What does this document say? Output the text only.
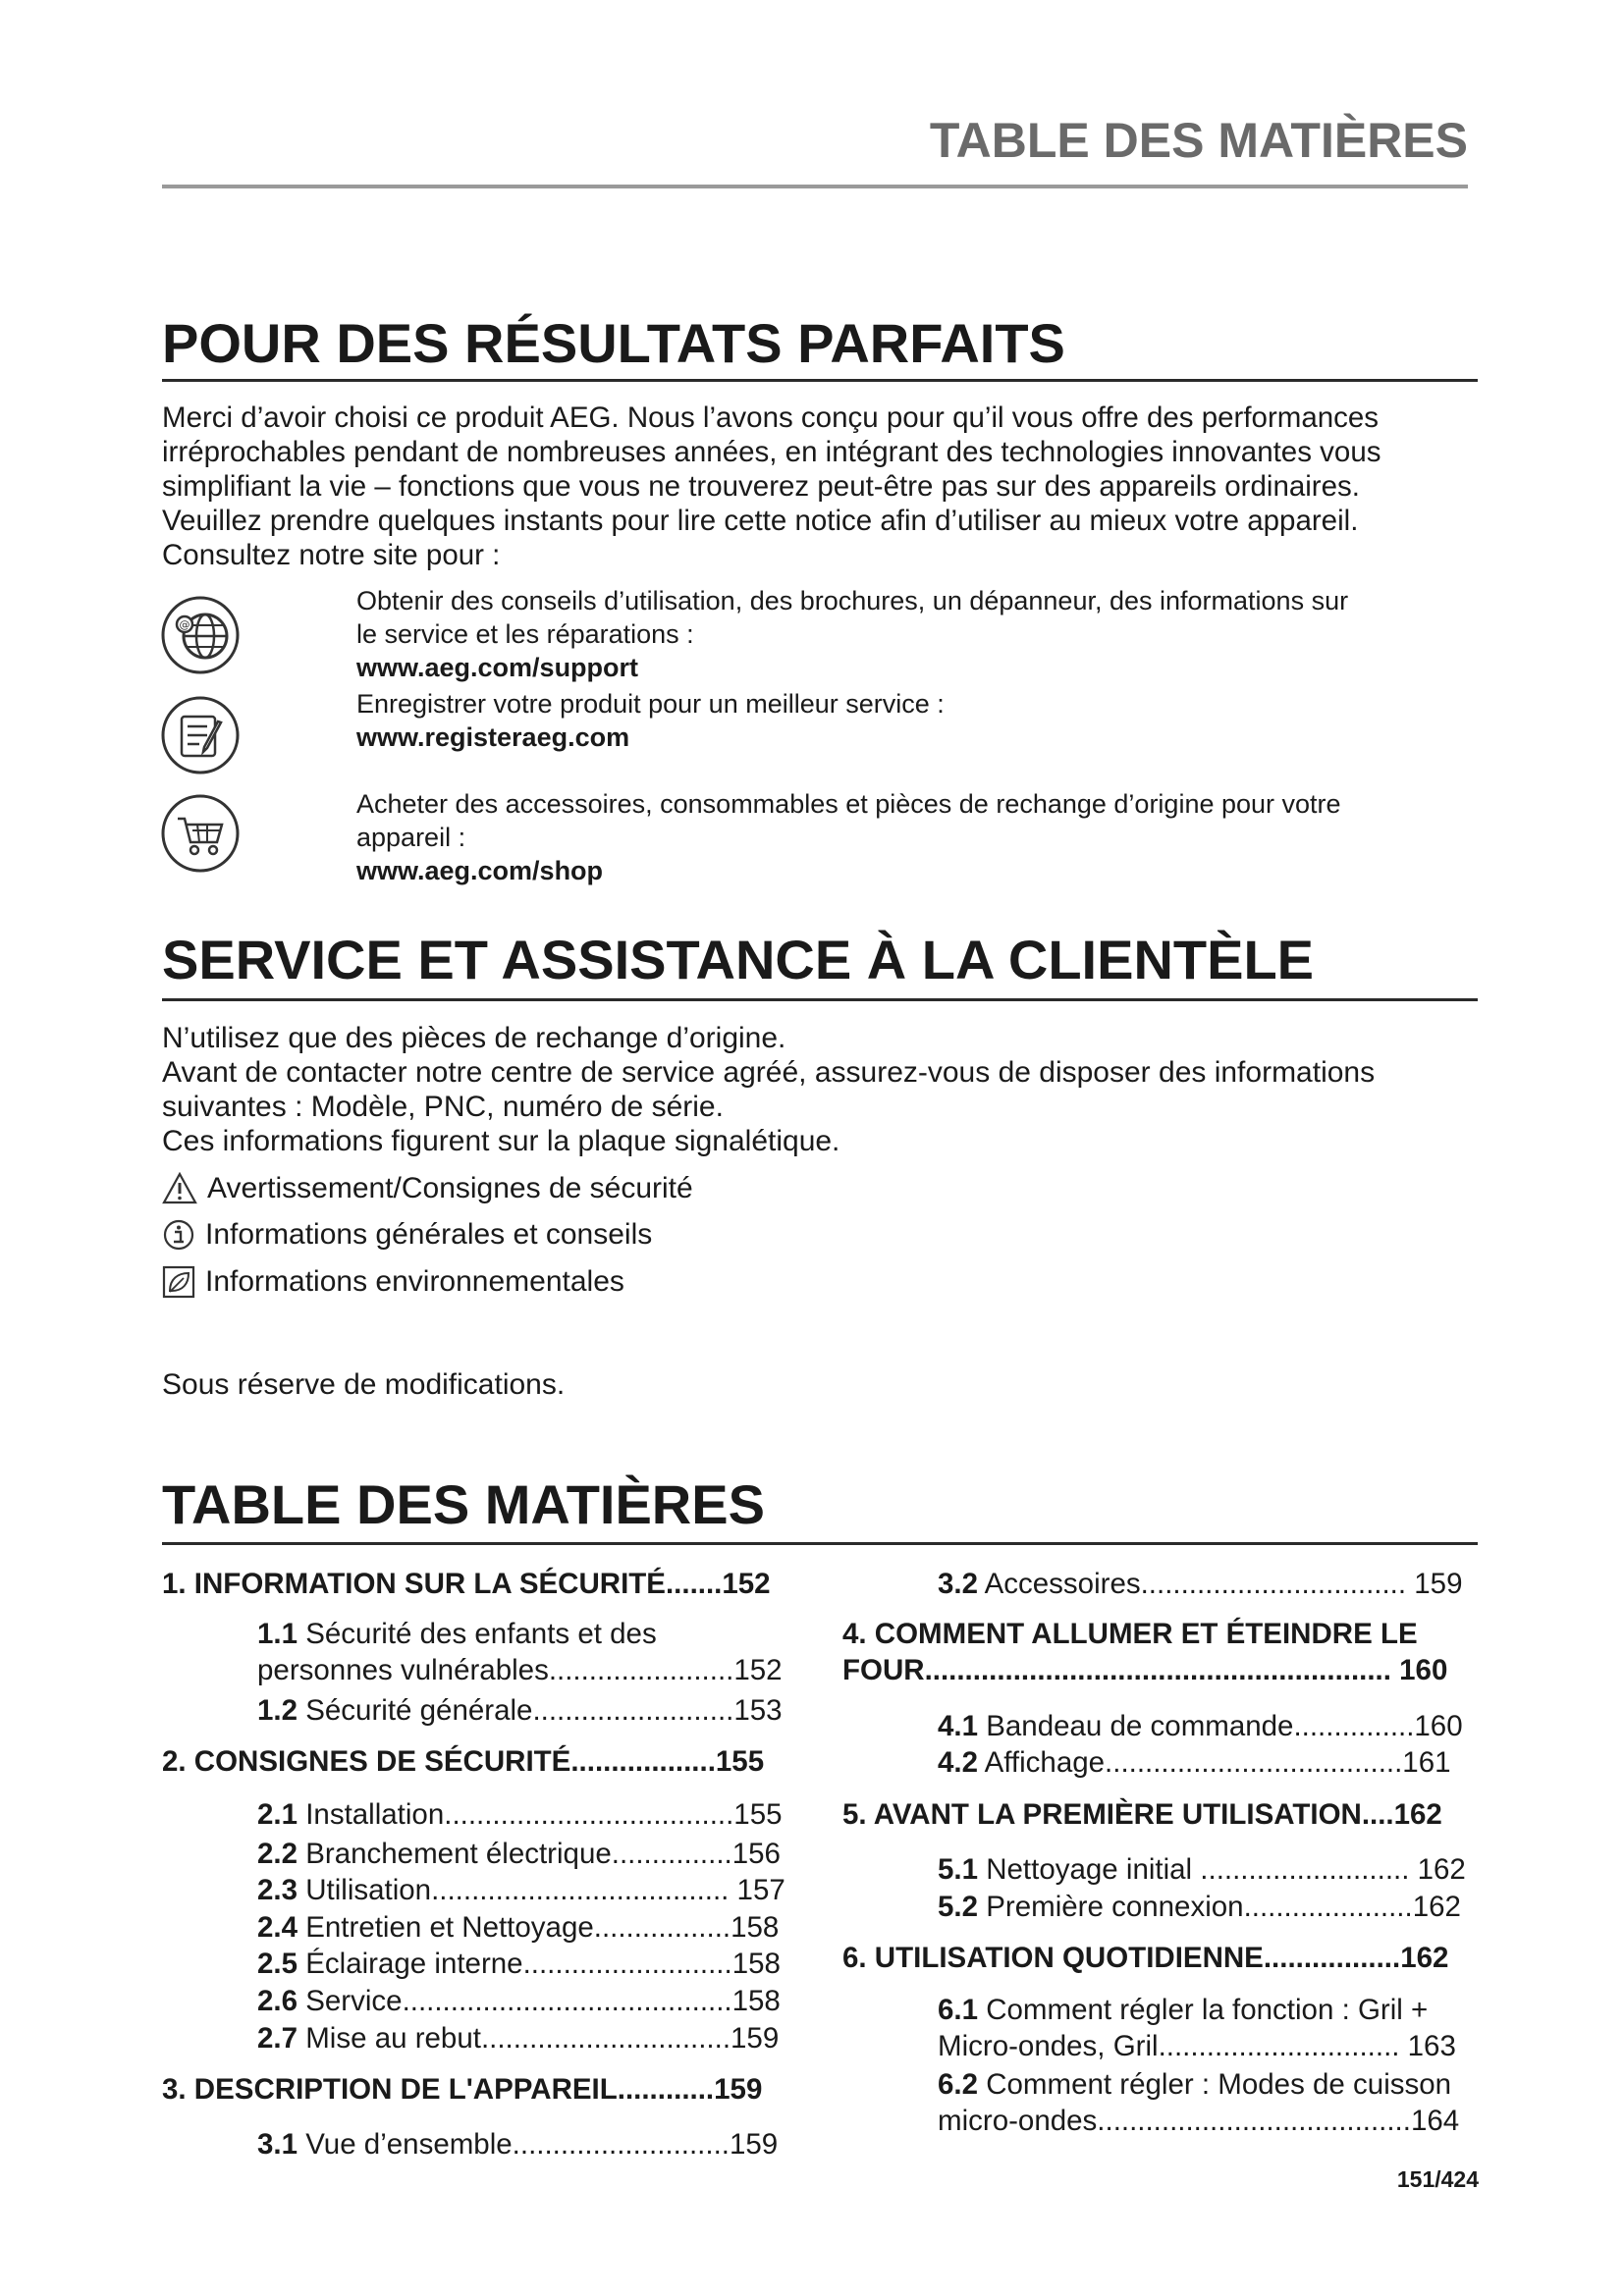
TABLE DES MATIÈRES
POUR DES RÉSULTATS PARFAITS
Merci d’avoir choisi ce produit AEG. Nous l’avons conçu pour qu’il vous offre des performances
irréprochables pendant de nombreuses années, en intégrant des technologies innovantes vous
simplifiant la vie – fonctions que vous ne trouverez peut-être pas sur des appareils ordinaires.
Veuillez prendre quelques instants pour lire cette notice afin d’utiliser au mieux votre appareil.
Consultez notre site pour :
@
Obtenir des conseils d’utilisation, des brochures, un dépanneur, des informations sur
le service et les réparations :
www.aeg.com/support
Enregistrer votre produit pour un meilleur service :
www.registeraeg.com
Acheter des accessoires, consommables et pièces de rechange d’origine pour votre
appareil :
www.aeg.com/shop
SERVICE ET ASSISTANCE À LA CLIENTÈLE
N’utilisez que des pièces de rechange d’origine.
Avant de contacter notre centre de service agréé, assurez-vous de disposer des informations
suivantes : Modèle, PNC, numéro de série.
Ces informations figurent sur la plaque signalétique.
Avertissement/Consignes de sécurité
Informations générales et conseils
Informations environnementales
Sous réserve de modifications.
TABLE DES MATIÈRES
1. INFORMATION SUR LA SÉCURITÉ.......152
1.1 Sécurité des enfants et des
personnes vulnérables.......................152
1.2 Sécurité générale.........................153
2. CONSIGNES DE SÉCURITÉ..................155
2.1 Installation....................................155
2.2 Branchement électrique...............156
2.3 Utilisation..................................... 157
2.4 Entretien et Nettoyage.................158
2.5 Éclairage interne..........................158
2.6 Service.........................................158
2.7 Mise au rebut...............................159
3. DESCRIPTION DE L'APPAREIL............159
3.1 Vue d’ensemble...........................159
3.2 Accessoires................................. 159
4. COMMENT ALLUMER ET ÉTEINDRE LE
FOUR.......................................................... 160
4.1 Bandeau de commande...............160
4.2 Affichage.....................................161
5. AVANT LA PREMIÈRE UTILISATION....162
5.1 Nettoyage initial .......................... 162
5.2 Première connexion.....................162
6. UTILISATION QUOTIDIENNE.................162
6.1 Comment régler la fonction : Gril +
Micro-ondes, Gril.............................. 163
6.2 Comment régler : Modes de cuisson
micro-ondes.......................................164
151/424
